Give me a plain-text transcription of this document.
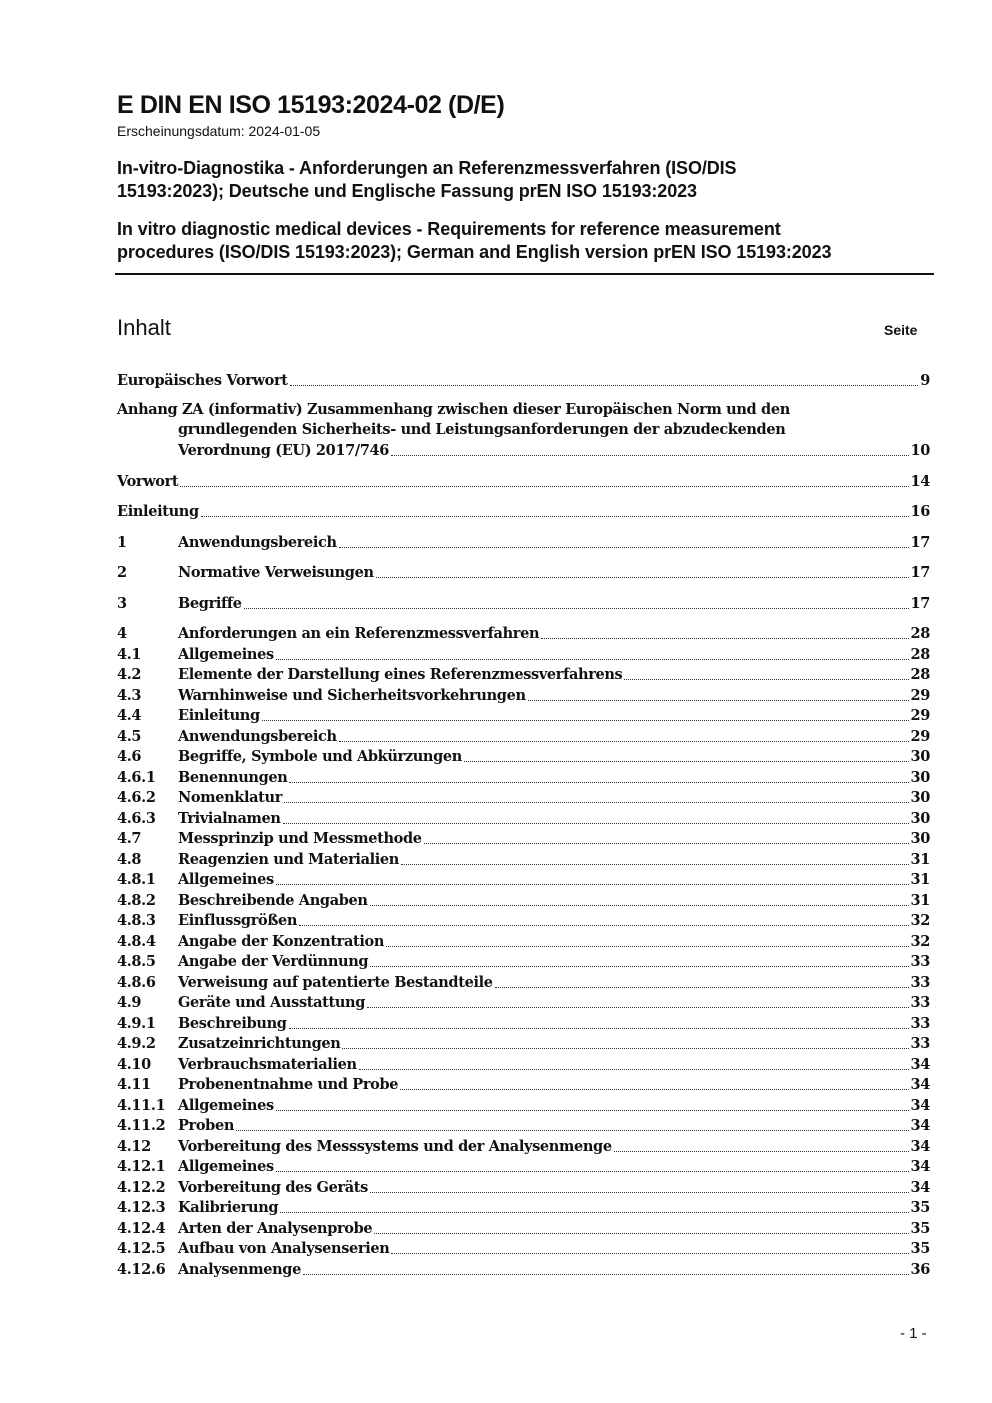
E DIN EN ISO 15193:2024-02 (D/E)
Erscheinungsdatum: 2024-01-05
In-vitro-Diagnostika - Anforderungen an Referenzmessverfahren (ISO/DIS
15193:2023); Deutsche und Englische Fassung prEN ISO 15193:2023
In vitro diagnostic medical devices - Requirements for reference measurement
procedures (ISO/DIS 15193:2023); German and English version prEN ISO 15193:2023
Inhalt	Seite
Europäisches Vorwort	9
Anhang ZA (informativ) Zusammenhang zwischen dieser Europäischen Norm und den
grundlegenden Sicherheits- und Leistungsanforderungen der abzudeckenden
Verordnung (EU) 2017/746	10
Vorwort	14
Einleitung	16
1	Anwendungsbereich	17
2	Normative Verweisungen	17
3	Begriffe	17
4	Anforderungen an ein Referenzmessverfahren	28
4.1	Allgemeines	28
4.2	Elemente der Darstellung eines Referenzmessverfahrens	28
4.3	Warnhinweise und Sicherheitsvorkehrungen	29
4.4	Einleitung	29
4.5	Anwendungsbereich	29
4.6	Begriffe, Symbole und Abkürzungen	30
4.6.1	Benennungen	30
4.6.2	Nomenklatur	30
4.6.3	Trivialnamen	30
4.7	Messprinzip und Messmethode	30
4.8	Reagenzien und Materialien	31
4.8.1	Allgemeines	31
4.8.2	Beschreibende Angaben	31
4.8.3	Einflussgrößen	32
4.8.4	Angabe der Konzentration	32
4.8.5	Angabe der Verdünnung	33
4.8.6	Verweisung auf patentierte Bestandteile	33
4.9	Geräte und Ausstattung	33
4.9.1	Beschreibung	33
4.9.2	Zusatzeinrichtungen	33
4.10	Verbrauchsmaterialien	34
4.11	Probenentnahme und Probe	34
4.11.1 Allgemeines	34
4.11.2 Proben	34
4.12	Vorbereitung des Messsystems und der Analysenmenge	34
4.12.1 Allgemeines	34
4.12.2 Vorbereitung des Geräts	34
4.12.3 Kalibrierung	35
4.12.4 Arten der Analysenprobe	35
4.12.5 Aufbau von Analysenserien	35
4.12.6 Analysenmenge	36
- 1 -
